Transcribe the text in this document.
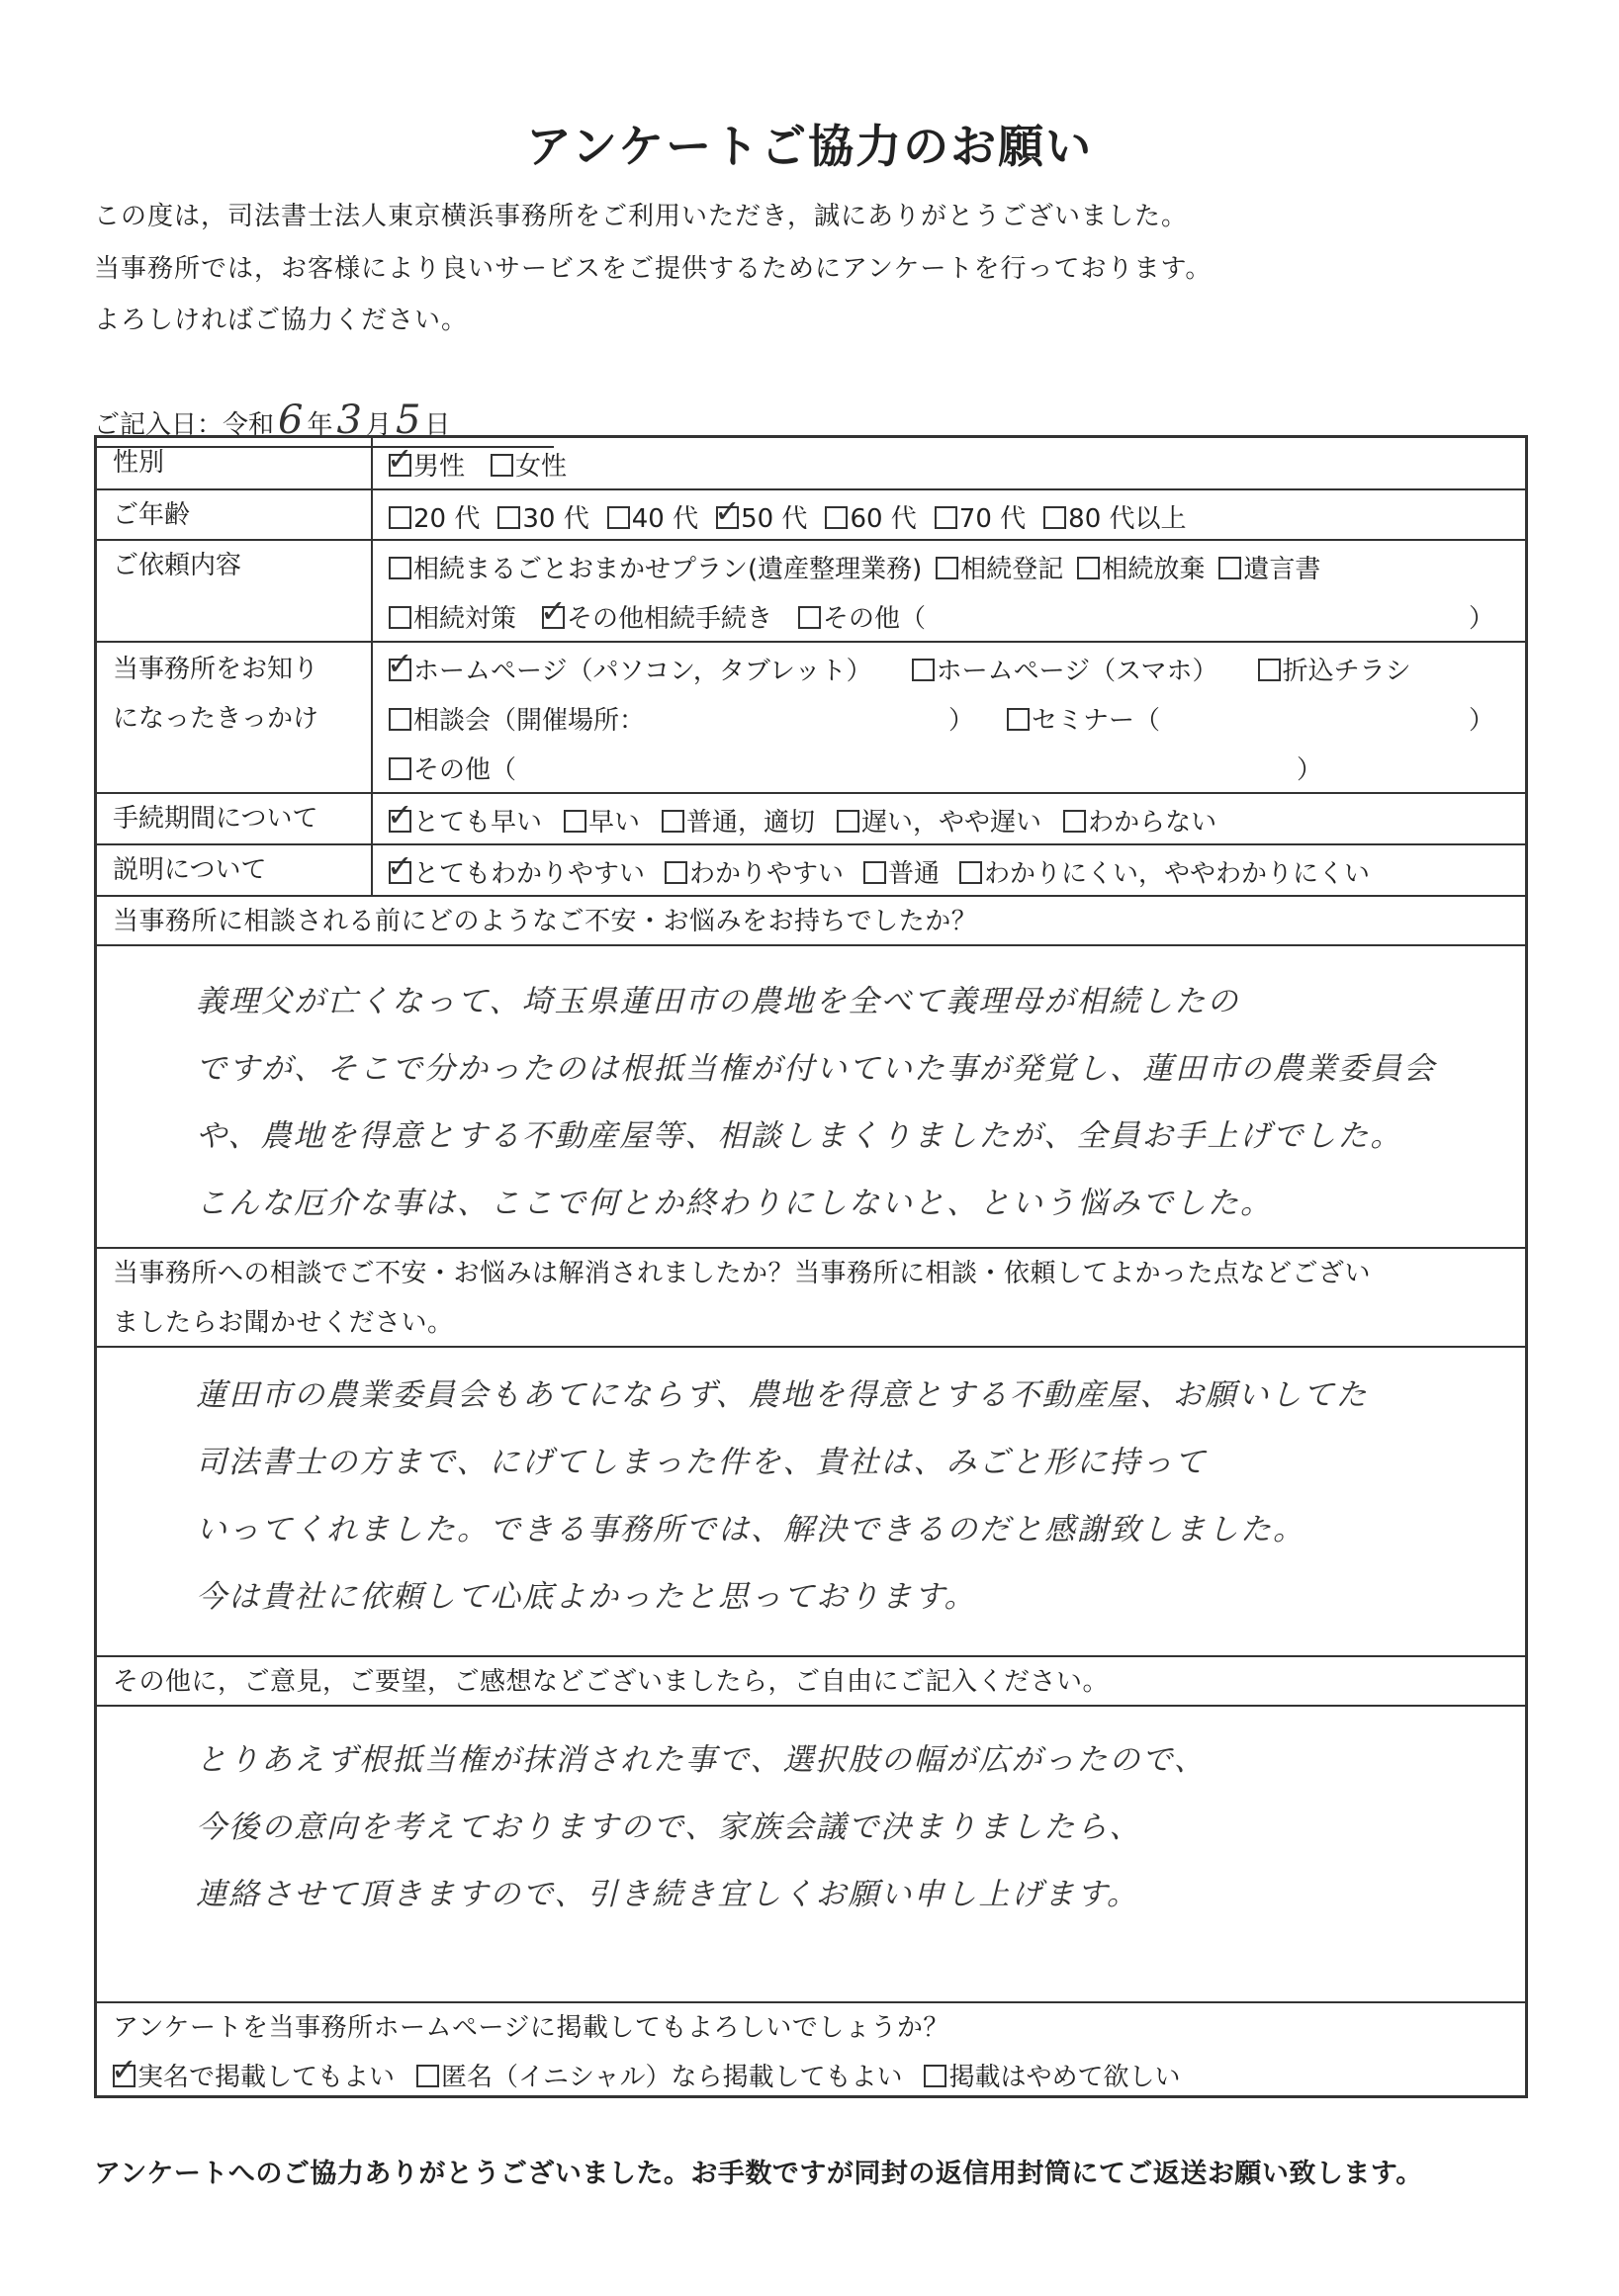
アンケートご協力のお願い
この度は，司法書士法人東京横浜事務所をご利用いただき，誠にありがとうございました。
当事務所では，お客様により良いサービスをご提供するためにアンケートを行っております。
よろしければご協力ください。
ご記入日：令和 6 年 3 月 5 日
性別 ✓	男性 女性
ご年齢	20 代 30 代 40 代 ✓ 50 代 60 代 70 代 80 代以上
ご依頼内容	相続まるごとおまかせプラン(遺産整理業務) 相続登記 相続放棄 遺言書
相続対策 ✓ その他相続手続き その他（	）
当事務所をお知り
になったきっかけ
✓ホームページ（パソコン，タブレット）	ホームページ（スマホ）	折込チラシ
相談会（開催場所：	）	セミナー（	）
その他（	）
手続期間について ✓	とても早い 早い 普通，適切 遅い，やや遅い わからない
説明について ✓	とてもわかりやすい わかりやすい 普通 わかりにくい，ややわかりにくい
当事務所に相談される前にどのようなご不安・お悩みをお持ちでしたか？
義理父が亡くなって、埼玉県蓮田市の農地を全べて義理母が相続したの
ですが、そこで分かったのは根抵当権が付いていた事が発覚し、蓮田市の農業委員会
や、農地を得意とする不動産屋等、相談しまくりましたが、全員お手上げでした。
こんな厄介な事は、ここで何とか終わりにしないと、という悩みでした。
当事務所への相談でご不安・お悩みは解消されましたか？当事務所に相談・依頼してよかった点などござい
ましたらお聞かせください。
蓮田市の農業委員会もあてにならず、農地を得意とする不動産屋、お願いしてた
司法書士の方まで、にげてしまった件を、貴社は、みごと形に持って
いってくれました。できる事務所では、解決できるのだと感謝致しました。
今は貴社に依頼して心底よかったと思っております。
その他に，ご意見，ご要望，ご感想などございましたら，ご自由にご記入ください。
とりあえず根抵当権が抹消された事で、選択肢の幅が広がったので、
今後の意向を考えておりますので、家族会議で決まりましたら、
連絡させて頂きますので、引き続き宜しくお願い申し上げます。
アンケートを当事務所ホームページに掲載してもよろしいでしょうか？
✓実名で掲載してもよい 匿名（イニシャル）なら掲載してもよい 掲載はやめて欲しい
アンケートへのご協力ありがとうございました。お手数ですが同封の返信用封筒にてご返送お願い致します。
